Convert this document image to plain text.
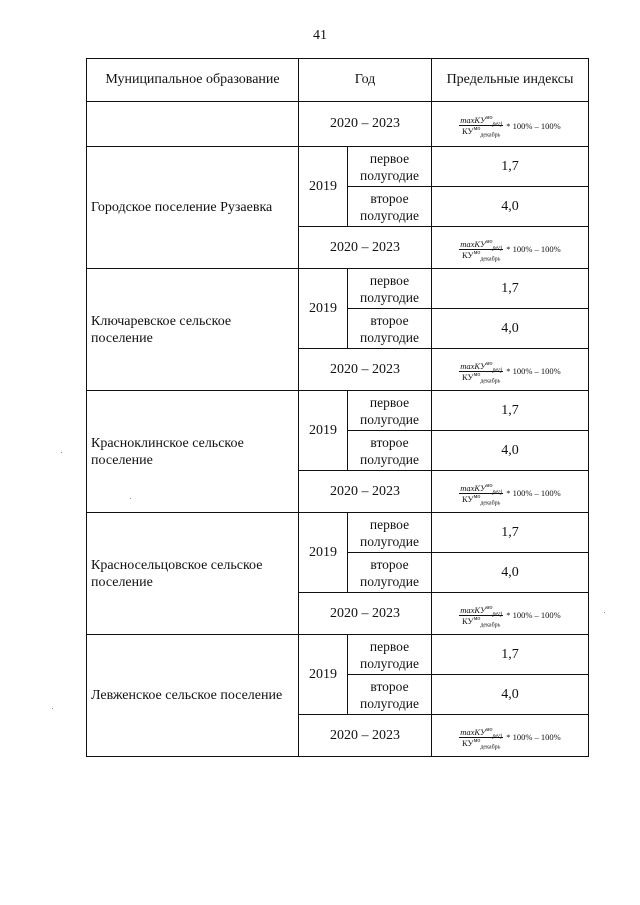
41
Муниципальное образование	Год		Предельные индексы
	2020 – 2023		$\frac{\max КУ^{мо}_{peгj}}{КУ^{мо}_{декабрь}} * 100\% - 100\%$

Городское поселение Рузаевка	2019	первое полугодие	1,7
		второе полугодие	4,0
	2020 – 2023		$\frac{\max КУ^{мо}_{peгj}}{КУ^{мо}_{декабрь}} * 100\% - 100\%$

Ключаревское сельское поселение	2019	первое полугодие	1,7
		второе полугодие	4,0
	2020 – 2023		$\frac{\max КУ^{мо}_{peгj}}{КУ^{мо}_{декабрь}} * 100\% - 100\%$

Красноклинское сельское поселение	2019	первое полугодие	1,7
		второе полугодие	4,0
	2020 – 2023		$\frac{\max КУ^{мо}_{peгj}}{КУ^{мо}_{декабрь}} * 100\% - 100\%$

Красносельцовское сельское поселение	2019	первое полугодие	1,7
		второе полугодие	4,0
	2020 – 2023		$\frac{\max КУ^{мо}_{peгj}}{КУ^{мо}_{декабрь}} * 100\% - 100\%$

Левженское сельское поселение	2019	первое полугодие	1,7
		второе полугодие	4,0
	2020 – 2023		$\frac{\max КУ^{мо}_{peгj}}{КУ^{мо}_{декабрь}} * 100\% - 100\%$
